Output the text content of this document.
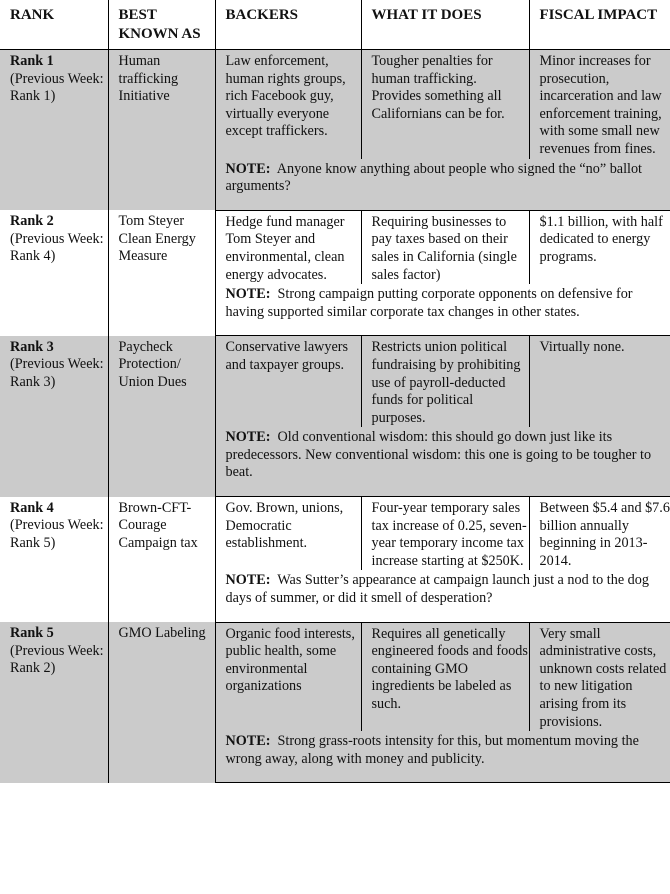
RANK	BEST KNOWN AS	BACKERS	WHAT IT DOES	FISCAL IMPACT

Rank 1
(Previous Week: Rank 1)	Human trafficking Initiative	Law enforcement, human rights groups, rich Facebook guy, virtually everyone except traffickers.	Tougher penalties for human trafficking. Provides something all Californians can be for.	Minor increases for prosecution, incarceration and law enforcement training, with some small new revenues from fines.
		NOTE: Anyone know anything about people who signed the “no” ballot arguments?		

Rank 2
(Previous Week: Rank 4)	Tom Steyer Clean Energy Measure	Hedge fund manager Tom Steyer and environmental, clean energy advocates.	Requiring businesses to pay taxes based on their sales in California (single sales factor)	$1.1 billion, with half dedicated to energy programs.
		NOTE: Strong campaign putting corporate opponents on defensive for having supported similar corporate tax changes in other states.		

Rank 3
(Previous Week: Rank 3)	Paycheck Protection/ Union Dues	Conservative lawyers and taxpayer groups.	Restricts union political fundraising by prohibiting use of payroll-deducted funds for political purposes.	Virtually none.
		NOTE: Old conventional wisdom: this should go down just like its predecessors. New conventional wisdom: this one is going to be tougher to beat.		

Rank 4
(Previous Week: Rank 5)	Brown-CFT-Courage Campaign tax	Gov. Brown, unions, Democratic establishment.	Four-year temporary sales tax increase of 0.25, seven-year temporary income tax increase starting at $250K.	Between $5.4 and $7.6 billion annually beginning in 2013-2014.
		NOTE: Was Sutter’s appearance at campaign launch just a nod to the dog days of summer, or did it smell of desperation?		

Rank 5
(Previous Week: Rank 2)	GMO Labeling	Organic food interests, public health, some environmental organizations	Requires all genetically engineered foods and foods containing GMO ingredients be labeled as such.	Very small administrative costs, unknown costs related to new litigation arising from its provisions.
		NOTE: Strong grass-roots intensity for this, but momentum moving the wrong away, along with money and publicity.		
